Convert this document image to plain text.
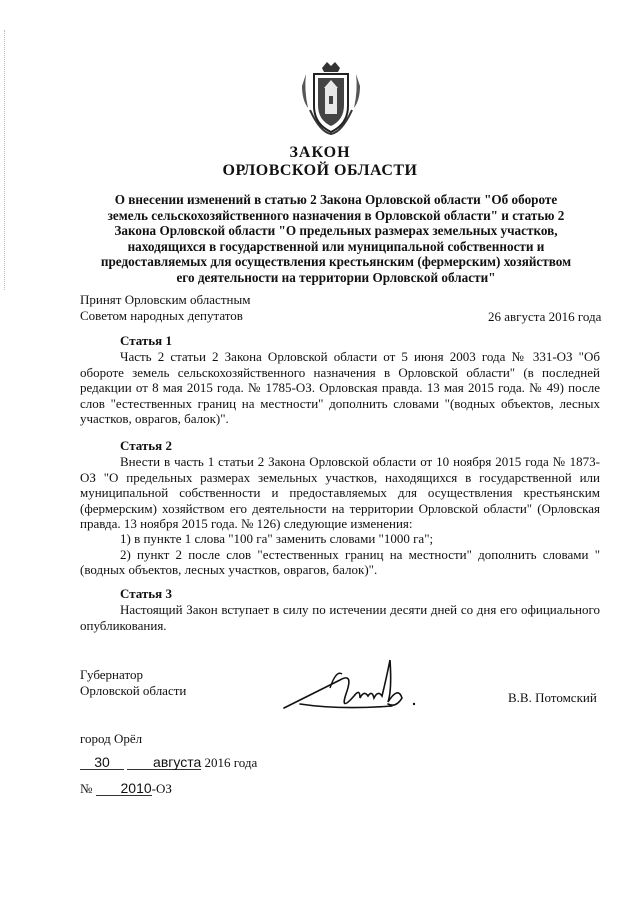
ЗАКОН
ОРЛОВСКОЙ ОБЛАСТИ
О внесении изменений в статью 2 Закона Орловской области "Об обороте земель сельскохозяйственного назначения в Орловской области" и статью 2 Закона Орловской области "О предельных размерах земельных участков, находящихся в государственной или муниципальной собственности и предоставляемых для осуществления крестьянским (фермерским) хозяйством его деятельности на территории Орловской области"
Принят Орловским областным
Советом народных депутатов	26 августа 2016 года
Статья 1
Часть 2 статьи 2 Закона Орловской области от 5 июня 2003 года № 331-ОЗ "Об обороте земель сельскохозяйственного назначения в Орловской области" (в последней редакции от 8 мая 2015 года. № 1785-ОЗ. Орловская правда. 13 мая 2015 года. № 49) после слов "естественных границ на местности" дополнить словами "(водных объектов, лесных участков, оврагов, балок)".
Статья 2
Внести в часть 1 статьи 2 Закона Орловской области от 10 ноября 2015 года № 1873-ОЗ "О предельных размерах земельных участков, находящихся в государственной или муниципальной собственности и предоставляемых для осуществления крестьянским (фермерским) хозяйством его деятельности на территории Орловской области" (Орловская правда. 13 ноября 2015 года. № 126) следующие изменения:
1) в пункте 1 слова "100 га" заменить словами "1000 га";
2) пункт 2 после слов "естественных границ на местности" дополнить словами "(водных объектов, лесных участков, оврагов, балок)".
Статья 3
Настоящий Закон вступает в силу по истечении десяти дней со дня его официального опубликования.
Губернатор
Орловской области	В.В. Потомский
город Орёл
30	августа 2016 года
№ 2010-ОЗ
